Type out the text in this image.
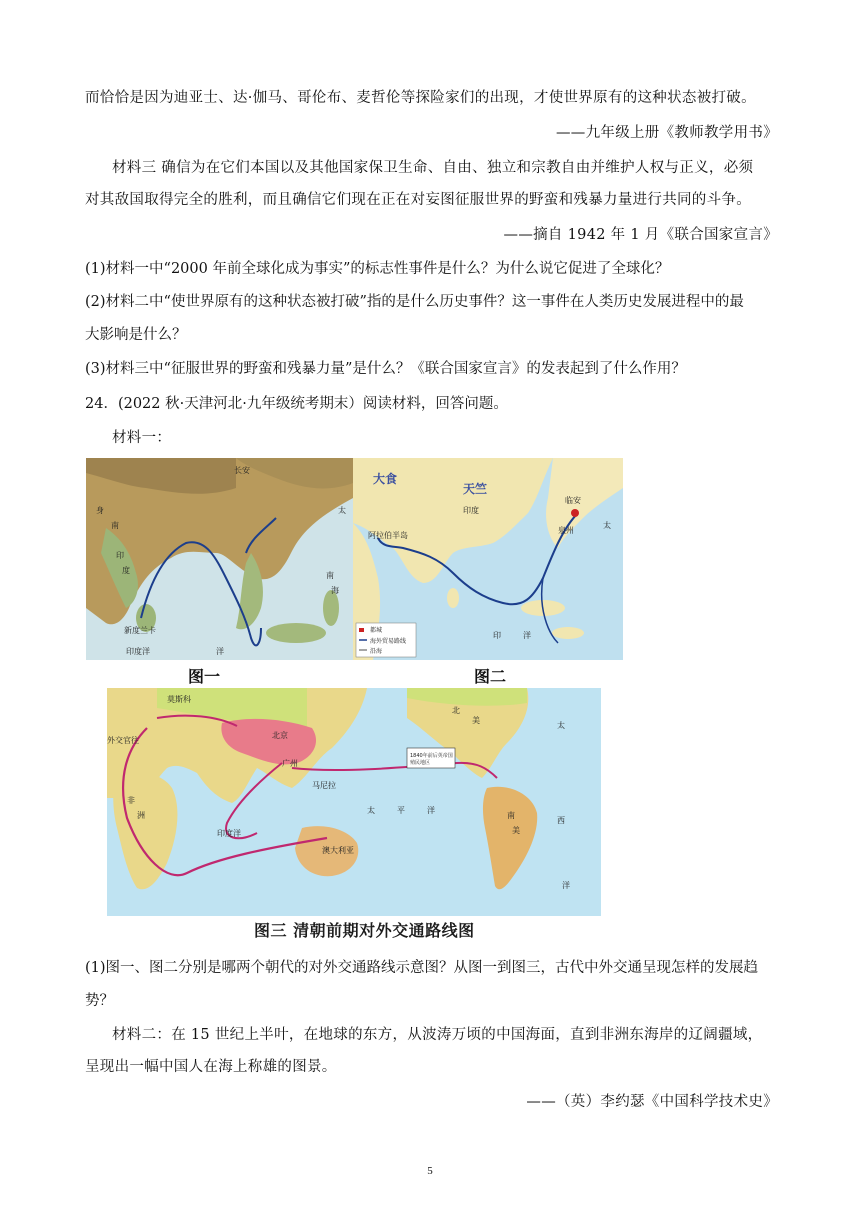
而恰恰是因为迪亚士、达·伽马、哥伦布、麦哲伦等探险家们的出现，才使世界原有的这种状态被打破。
——九年级上册《教师教学用书》
材料三 确信为在它们本国以及其他国家保卫生命、自由、独立和宗教自由并维护人权与正义，必须
对其敌国取得完全的胜利，而且确信它们现在正在对妄图征服世界的野蛮和残暴力量进行共同的斗争。
——摘自 1942 年 1 月《联合国家宣言》
(1)材料一中“2000 年前全球化成为事实”的标志性事件是什么？为什么说它促进了全球化？
(2)材料二中“使世界原有的这种状态被打破”指的是什么历史事件？这一事件在人类历史发展进程中的最
大影响是什么？
(3)材料三中“征服世界的野蛮和残暴力量”是什么？《联合国家宣言》的发表起到了什么作用？
24．(2022 秋·天津河北·九年级统考期末）阅读材料，回答问题。
材料一：
长安
身
南
印
度
新度兰卡
太
南
海
印度洋	洋
图一
大食
天竺
印度
阿拉伯半岛
临安
泉州
太
印	洋
都城
海外贸易路线
沿海
图二
1840年前后英帝国
殖民地区
莫斯科
北京
广州
马尼拉
外交官往
非
洲
印度洋
澳大利亚
太	平	洋
北
美
南
美
太
西
洋
图三 清朝前期对外交通路线图
(1)图一、图二分别是哪两个朝代的对外交通路线示意图？从图一到图三，古代中外交通呈现怎样的发展趋
势？
材料二：在 15 世纪上半叶，在地球的东方，从波涛万顷的中国海面，直到非洲东海岸的辽阔疆域，
呈现出一幅中国人在海上称雄的图景。
——（英）李约瑟《中国科学技术史》
5
